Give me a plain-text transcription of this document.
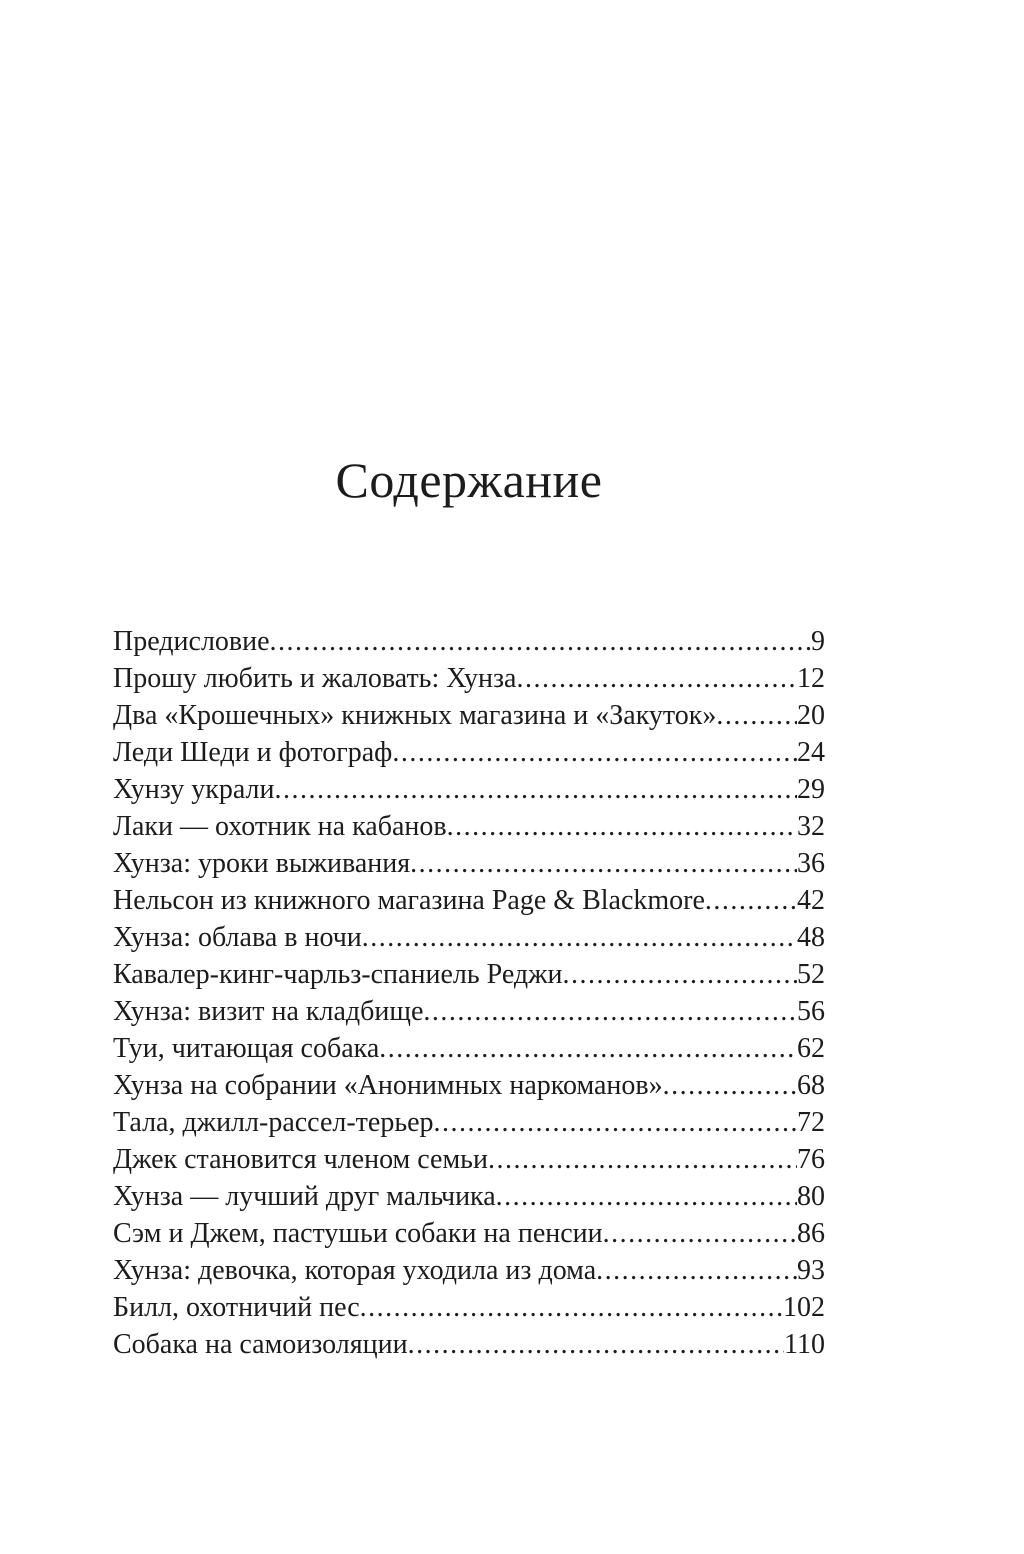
Содержание
Предисловие .....	9
Прошу любить и жаловать: Хунза .....	12
Два «Крошечных» книжных магазина и «Закуток» .....	20
Леди Шеди и фотограф .....	24
Хунзу украли .....	29
Лаки — охотник на кабанов .....	32
Хунза: уроки выживания .....	36
Нельсон из книжного магазина Page & Blackmore .....	42
Хунза: облава в ночи .....	48
Кавалер-кинг-чарльз-спаниель Реджи .....	52
Хунза: визит на кладбище .....	56
Туи, читающая собака .....	62
Хунза на собрании «Анонимных наркоманов» .....	68
Тала, джилл-рассел-терьер .....	72
Джек становится членом семьи .....	76
Хунза — лучший друг мальчика .....	80
Сэм и Джем, пастушьи собаки на пенсии .....	86
Хунза: девочка, которая уходила из дома .....	93
Билл, охотничий пес .....	102
Собака на самоизоляции .....	110
